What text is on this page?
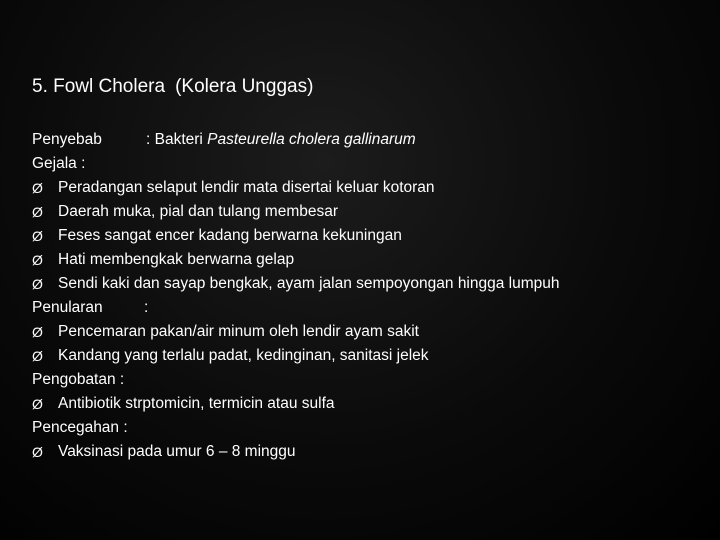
5. Fowl Cholera (Kolera Unggas)
Penyebab	: Bakteri Pasteurella cholera gallinarum
Gejala :
Ø Peradangan selaput lendir mata disertai keluar kotoran
Ø Daerah muka, pial dan tulang membesar
Ø Feses sangat encer kadang berwarna kekuningan
Ø Hati membengkak berwarna gelap
Ø Sendi kaki dan sayap bengkak, ayam jalan sempoyongan hingga lumpuh
Penularan	:
Ø Pencemaran pakan/air minum oleh lendir ayam sakit
Ø Kandang yang terlalu padat, kedinginan, sanitasi jelek
Pengobatan :
Ø Antibiotik strptomicin, termicin atau sulfa
Pencegahan :
Ø Vaksinasi pada umur 6 – 8 minggu
